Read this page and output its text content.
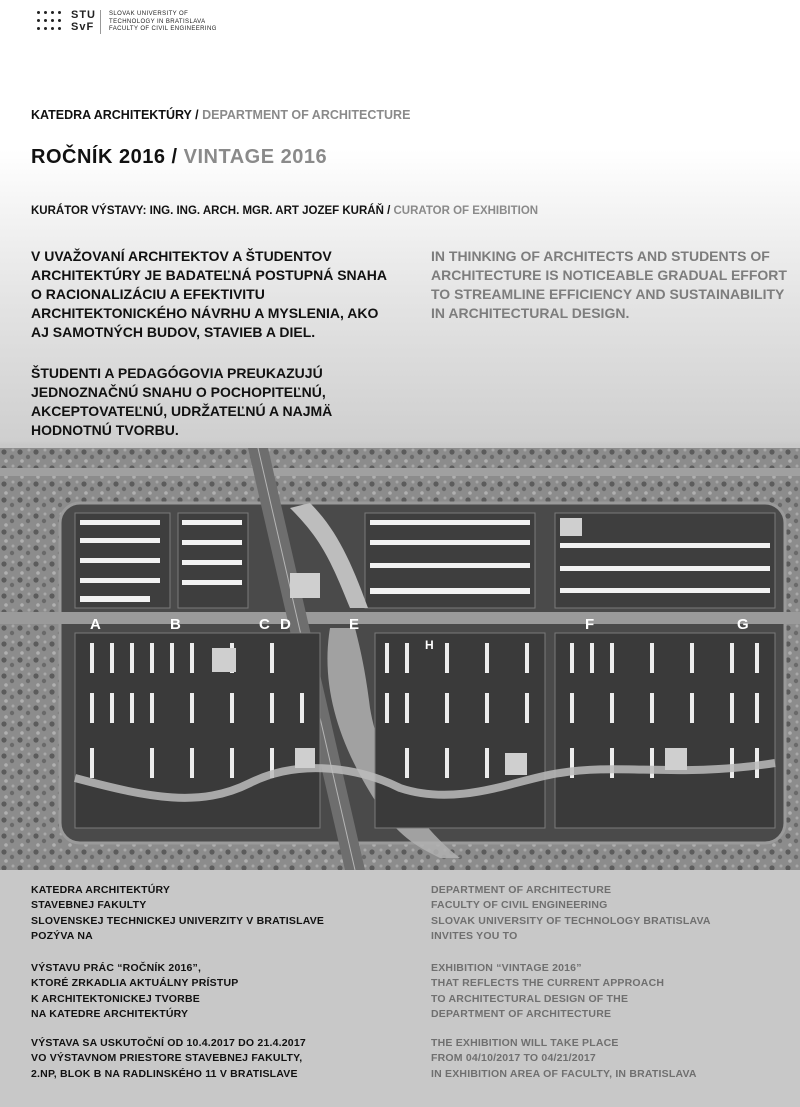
STU
SvF
SLOVAK UNIVERSITY OF
TECHNOLOGY IN BRATISLAVA
FACULTY OF CIVIL ENGINEERING
KATEDRA ARCHITEKTÚRY / DEPARTMENT OF ARCHITECTURE
ROČNÍK 2016 / VINTAGE 2016
KURÁTOR VÝSTAVY: ING. ING. ARCH. MGR. ART JOZEF KURÁŇ / CURATOR OF EXHIBITION
V UVAŽOVANÍ ARCHITEKTOV A ŠTUDENTOV
ARCHITEKTÚRY JE BADATEĽNÁ POSTUPNÁ SNAHA
O RACIONALIZÁCIU A EFEKTIVITU
ARCHITEKTONICKÉHO NÁVRHU A MYSLENIA, AKO
AJ SAMOTNÝCH BUDOV, STAVIEB A DIEL.
ŠTUDENTI A PEDAGÓGOVIA PREUKAZUJÚ
JEDNOZNAČNÚ SNAHU O POCHOPITEĽNÚ,
AKCEPTOVATEĽNÚ, UDRŽATEĽNÚ A NAJMÄ
HODNOTNÚ TVORBU.
IN THINKING OF ARCHITECTS AND STUDENTS OF
ARCHITECTURE IS NOTICEABLE GRADUAL EFFORT
TO STREAMLINE EFFICIENCY AND SUSTAINABILITY
IN ARCHITECTURAL DESIGN.
A	B	C D	E	F	G
H
KATEDRA ARCHITEKTÚRY
STAVEBNEJ FAKULTY
SLOVENSKEJ TECHNICKEJ UNIVERZITY V BRATISLAVE
POZÝVA NA
VÝSTAVU PRÁC “ROČNÍK 2016”,
KTORÉ ZRKADLIA AKTUÁLNY PRÍSTUP
K ARCHITEKTONICKEJ TVORBE
NA KATEDRE ARCHITEKTÚRY
VÝSTAVA SA USKUTOČNÍ OD 10.4.2017 DO 21.4.2017
VO VÝSTAVNOM PRIESTORE STAVEBNEJ FAKULTY,
2.NP, BLOK B NA RADLINSKÉHO 11 V BRATISLAVE
DEPARTMENT OF ARCHITECTURE
FACULTY OF CIVIL ENGINEERING
SLOVAK UNIVERSITY OF TECHNOLOGY BRATISLAVA
INVITES YOU TO
EXHIBITION “VINTAGE 2016”
THAT REFLECTS THE CURRENT APPROACH
TO ARCHITECTURAL DESIGN OF THE
DEPARTMENT OF ARCHITECTURE
THE EXHIBITION WILL TAKE PLACE
FROM 04/10/2017 TO 04/21/2017
IN EXHIBITION AREA OF FACULTY, IN BRATISLAVA
